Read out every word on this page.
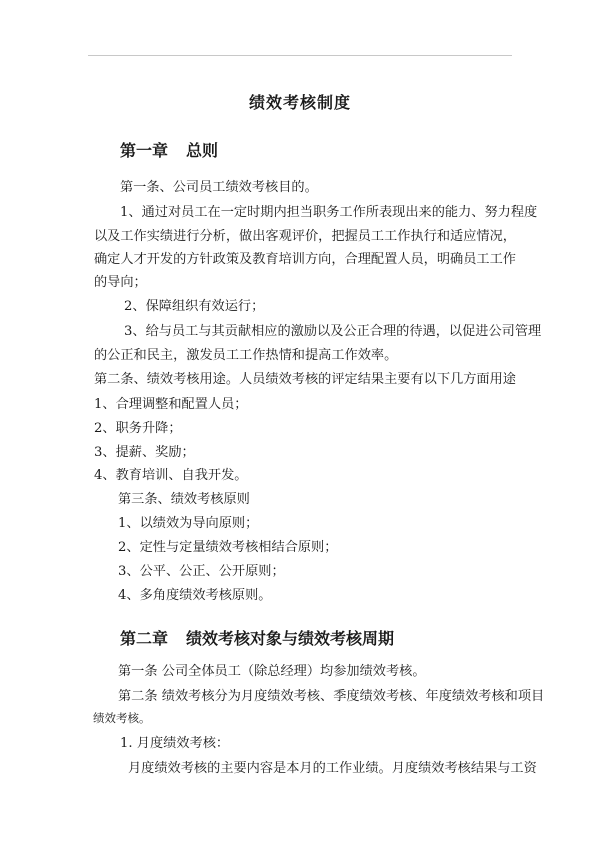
绩效考核制度
第一章 总则
第一条、公司员工绩效考核目的。
1、通过对员工在一定时期内担当职务工作所表现出来的能力、努力程度
以及工作实绩进行分析，做出客观评价，把握员工工作执行和适应情况，
确定人才开发的方针政策及教育培训方向，合理配置人员，明确员工工作
的导向；
2、保障组织有效运行；
3、给与员工与其贡献相应的激励以及公正合理的待遇，以促进公司管理
的公正和民主，激发员工工作热情和提高工作效率。
第二条、绩效考核用途。人员绩效考核的评定结果主要有以下几方面用途
1、合理调整和配置人员；
2、职务升降；
3、提薪、奖励；
4、教育培训、自我开发。
第三条、绩效考核原则
1、以绩效为导向原则；
2、定性与定量绩效考核相结合原则；
3、公平、公正、公开原则；
4、多角度绩效考核原则。
第二章 绩效考核对象与绩效考核周期
第一条 公司全体员工（除总经理）均参加绩效考核。
第二条 绩效考核分为月度绩效考核、季度绩效考核、年度绩效考核和项目
绩效考核。
1. 月度绩效考核：
月度绩效考核的主要内容是本月的工作业绩。月度绩效考核结果与工资
